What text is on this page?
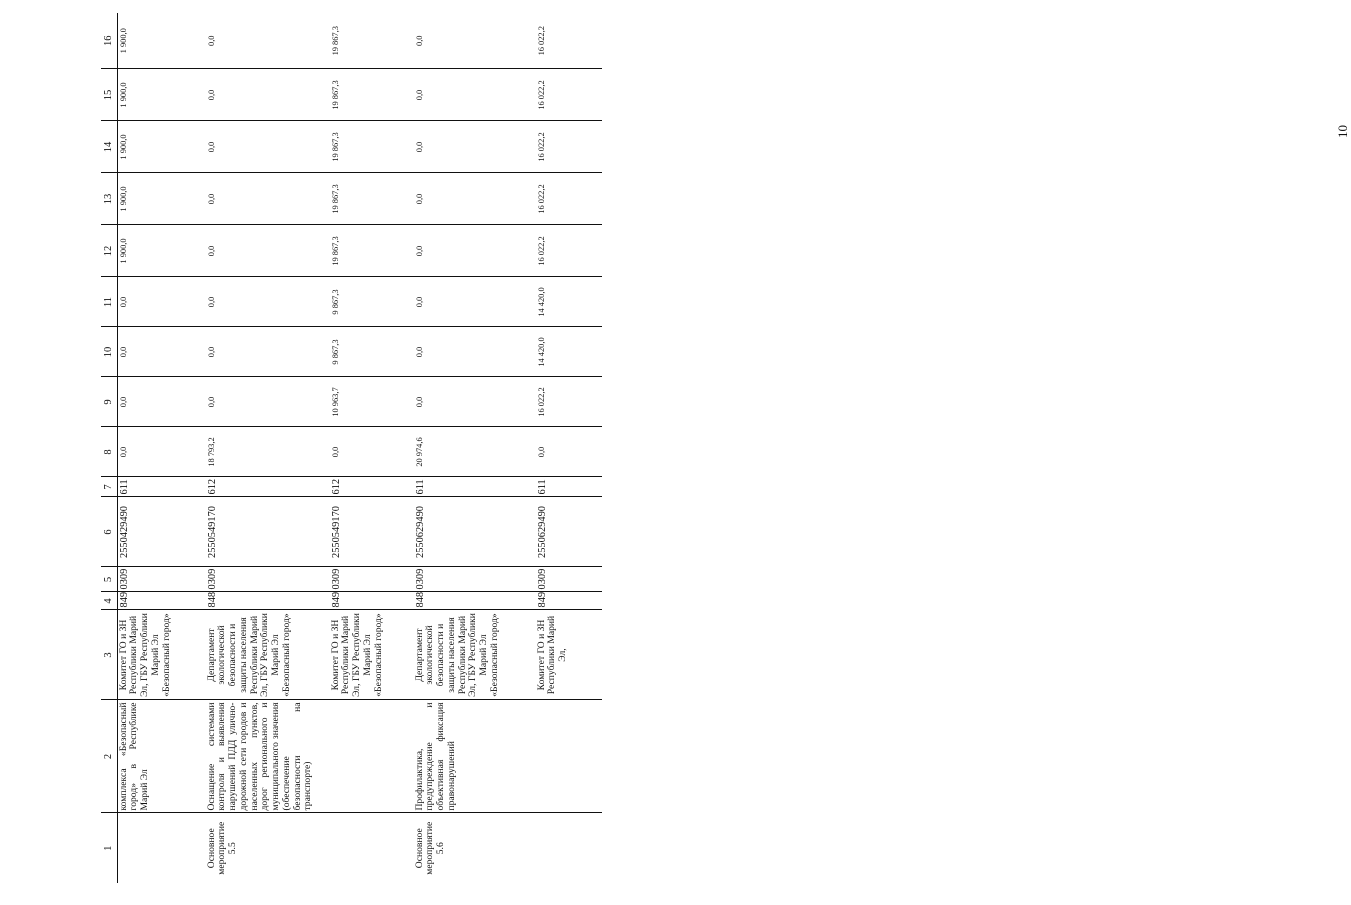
10
1	2	3	4	5	6	7	8	9	10	11	12	13	14	15	16
	комплекса «Безопасный город» в Республике Марий Эл	Комитет ГО и ЗН Республики Марий Эл, ГБУ Республики Марий Эл «Безопасный город»	849	0309	2550429490	611	0,0	0,0	0,0	0,0	1 900,0	1 900,0	1 900,0	1 900,0	1 900,0
Основное мероприятие 5.5	Оснащение системами контроля и выявления нарушений ПДД улично-дорожной сети городов и населенных пунктов, дорог регионального и муниципального значения (обеспечение безопасности на транспорте)	Департамент экологической безопасности и защиты населения Республики Марий Эл, ГБУ Республики Марий Эл «Безопасный город»	848	0309	2550549170	612	18 793,2	0,0	0,0	0,0	0,0	0,0	0,0	0,0	0,0
		Комитет ГО и ЗН Республики Марий Эл, ГБУ Республики Марий Эл «Безопасный город»	849	0309	2550549170	612	0,0	10 963,7	9 867,3	9 867,3	19 867,3	19 867,3	19 867,3	19 867,3	19 867,3
Основное мероприятие 5.6	Профилактика, предупреждение и объективная фиксация правонарушений	Департамент экологической безопасности и защиты населения Республики Марий Эл, ГБУ Республики Марий Эл «Безопасный город»	848	0309	2550629490	611	20 974,6	0,0	0,0	0,0	0,0	0,0	0,0	0,0	0,0
		Комитет ГО и ЗН Республики Марий Эл,	849	0309	2550629490	611	0,0	16 022,2	14 420,0	14 420,0	16 022,2	16 022,2	16 022,2	16 022,2	16 022,2
